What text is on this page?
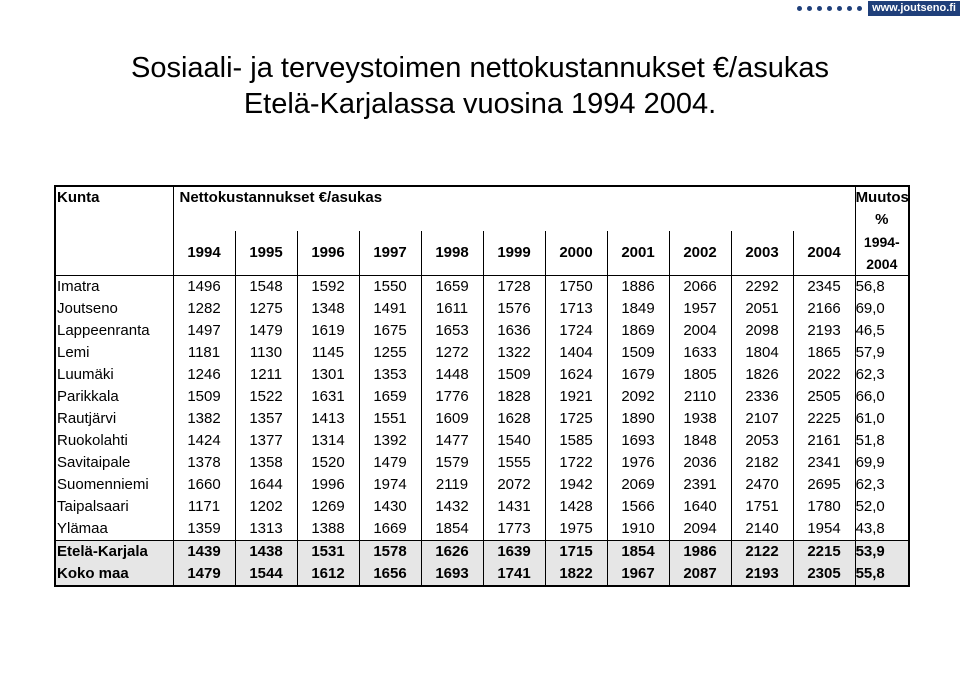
www.joutseno.fi
Sosiaali- ja terveystoimen nettokustannukset €/asukas
Etelä-Karjalassa vuosina 1994 2004.
Kunta	Nettokustannukset €/asukas											Muutos
												%
	1994	1995	1996	1997	1998	1999	2000	2001	2002	2003	2004	1994-2004
Imatra	1496	1548	1592	1550	1659	1728	1750	1886	2066	2292	2345	56,8
Joutseno	1282	1275	1348	1491	1611	1576	1713	1849	1957	2051	2166	69,0
Lappeenranta	1497	1479	1619	1675	1653	1636	1724	1869	2004	2098	2193	46,5
Lemi	1181	1130	1145	1255	1272	1322	1404	1509	1633	1804	1865	57,9
Luumäki	1246	1211	1301	1353	1448	1509	1624	1679	1805	1826	2022	62,3
Parikkala	1509	1522	1631	1659	1776	1828	1921	2092	2110	2336	2505	66,0
Rautjärvi	1382	1357	1413	1551	1609	1628	1725	1890	1938	2107	2225	61,0
Ruokolahti	1424	1377	1314	1392	1477	1540	1585	1693	1848	2053	2161	51,8
Savitaipale	1378	1358	1520	1479	1579	1555	1722	1976	2036	2182	2341	69,9
Suomenniemi	1660	1644	1996	1974	2119	2072	1942	2069	2391	2470	2695	62,3
Taipalsaari	1171	1202	1269	1430	1432	1431	1428	1566	1640	1751	1780	52,0
Ylämaa	1359	1313	1388	1669	1854	1773	1975	1910	2094	2140	1954	43,8
Etelä-Karjala	1439	1438	1531	1578	1626	1639	1715	1854	1986	2122	2215	53,9
Koko maa	1479	1544	1612	1656	1693	1741	1822	1967	2087	2193	2305	55,8
